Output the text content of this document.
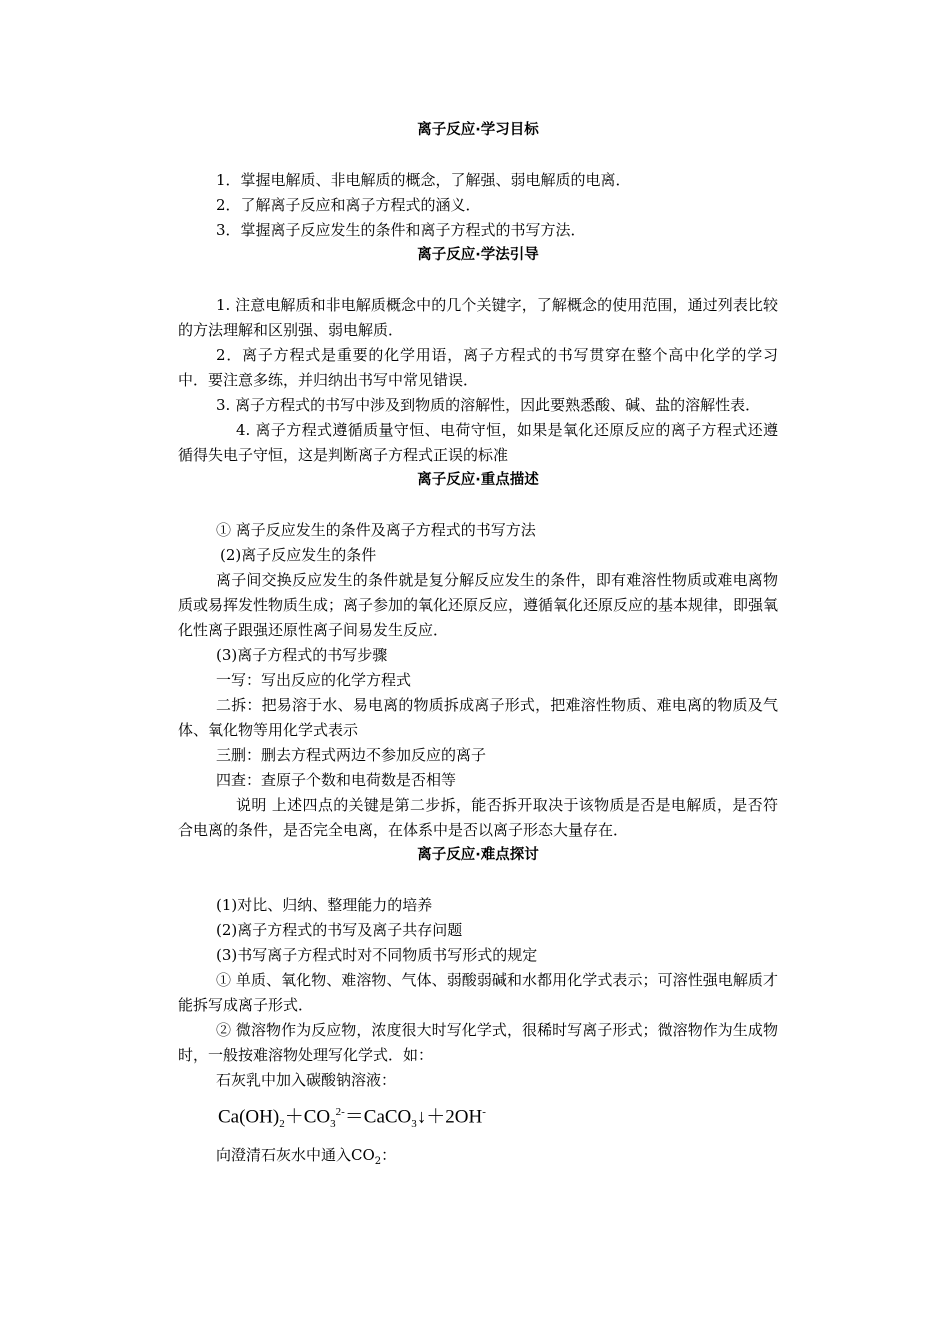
离子反应·学习目标
1．掌握电解质、非电解质的概念，了解强、弱电解质的电离．
2．了解离子反应和离子方程式的涵义．
3．掌握离子反应发生的条件和离子方程式的书写方法．
离子反应·学法引导
1. 注意电解质和非电解质概念中的几个关键字，了解概念的使用范围，通过列表比较的方法理解和区别强、弱电解质．
2．离子方程式是重要的化学用语，离子方程式的书写贯穿在整个高中化学的学习中．要注意多练，并归纳出书写中常见错误．
3. 离子方程式的书写中涉及到物质的溶解性，因此要熟悉酸、碱、盐的溶解性表．
4. 离子方程式遵循质量守恒、电荷守恒，如果是氧化还原反应的离子方程式还遵循得失电子守恒，这是判断离子方程式正误的标准
离子反应·重点描述
① 离子反应发生的条件及离子方程式的书写方法
(2)离子反应发生的条件
离子间交换反应发生的条件就是复分解反应发生的条件，即有难溶性物质或难电离物质或易挥发性物质生成；离子参加的氧化还原反应，遵循氧化还原反应的基本规律，即强氧化性离子跟强还原性离子间易发生反应．
(3)离子方程式的书写步骤
一写：写出反应的化学方程式
二拆：把易溶于水、易电离的物质拆成离子形式，把难溶性物质、难电离的物质及气体、氧化物等用化学式表示
三删：删去方程式两边不参加反应的离子
四查：查原子个数和电荷数是否相等
说明 上述四点的关键是第二步拆，能否拆开取决于该物质是否是电解质，是否符合电离的条件，是否完全电离，在体系中是否以离子形态大量存在．
离子反应·难点探讨
(1)对比、归纳、整理能力的培养
(2)离子方程式的书写及离子共存问题
(3)书写离子方程式时对不同物质书写形式的规定
① 单质、氧化物、难溶物、气体、弱酸弱碱和水都用化学式表示；可溶性强电解质才能拆写成离子形式．
② 微溶物作为反应物，浓度很大时写化学式，很稀时写离子形式；微溶物作为生成物时，一般按难溶物处理写化学式．如：
石灰乳中加入碳酸钠溶液：
$Ca(OH)_2+CO_3^{2-}=CaCO_3↓+2OH^-$
向澄清石灰水中通入$CO_2$：
